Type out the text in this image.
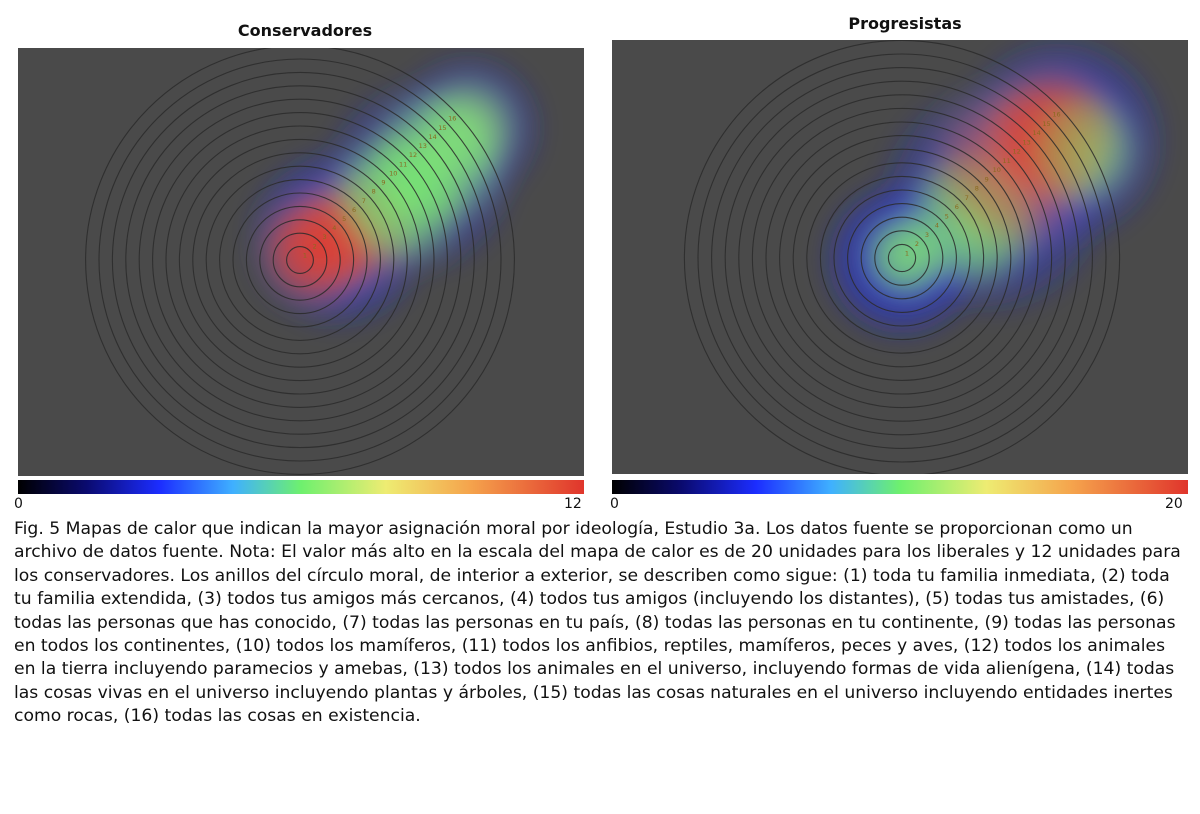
Conservadores
1
2
3
4
5
6
7
8
9
10
11
12
13
14
15
16
0	12
Progresistas
1
2
3
4
5
6
7
8
9
10
11
12
13
14
15
16
0	20
Fig. 5 Mapas de calor que indican la mayor asignación moral por ideología, Estudio 3a. Los datos fuente se proporcionan como un archivo de datos fuente. Nota: El valor más alto en la escala del mapa de calor es de 20 unidades para los liberales y 12 unidades para los conservadores. Los anillos del círculo moral, de interior a exterior, se describen como sigue: (1) toda tu familia inmediata, (2) toda tu familia extendida, (3) todos tus amigos más cercanos, (4) todos tus amigos (incluyendo los distantes), (5) todas tus amistades, (6) todas las personas que has conocido, (7) todas las personas en tu país, (8) todas las personas en tu continente, (9) todas las personas en todos los continentes, (10) todos los mamíferos, (11) todos los anfibios, reptiles, mamíferos, peces y aves, (12) todos los animales en la tierra incluyendo paramecios y amebas, (13) todos los animales en el universo, incluyendo formas de vida alienígena, (14) todas las cosas vivas en el universo incluyendo plantas y árboles, (15) todas las cosas naturales en el universo incluyendo entidades inertes como rocas, (16) todas las cosas en existencia.
